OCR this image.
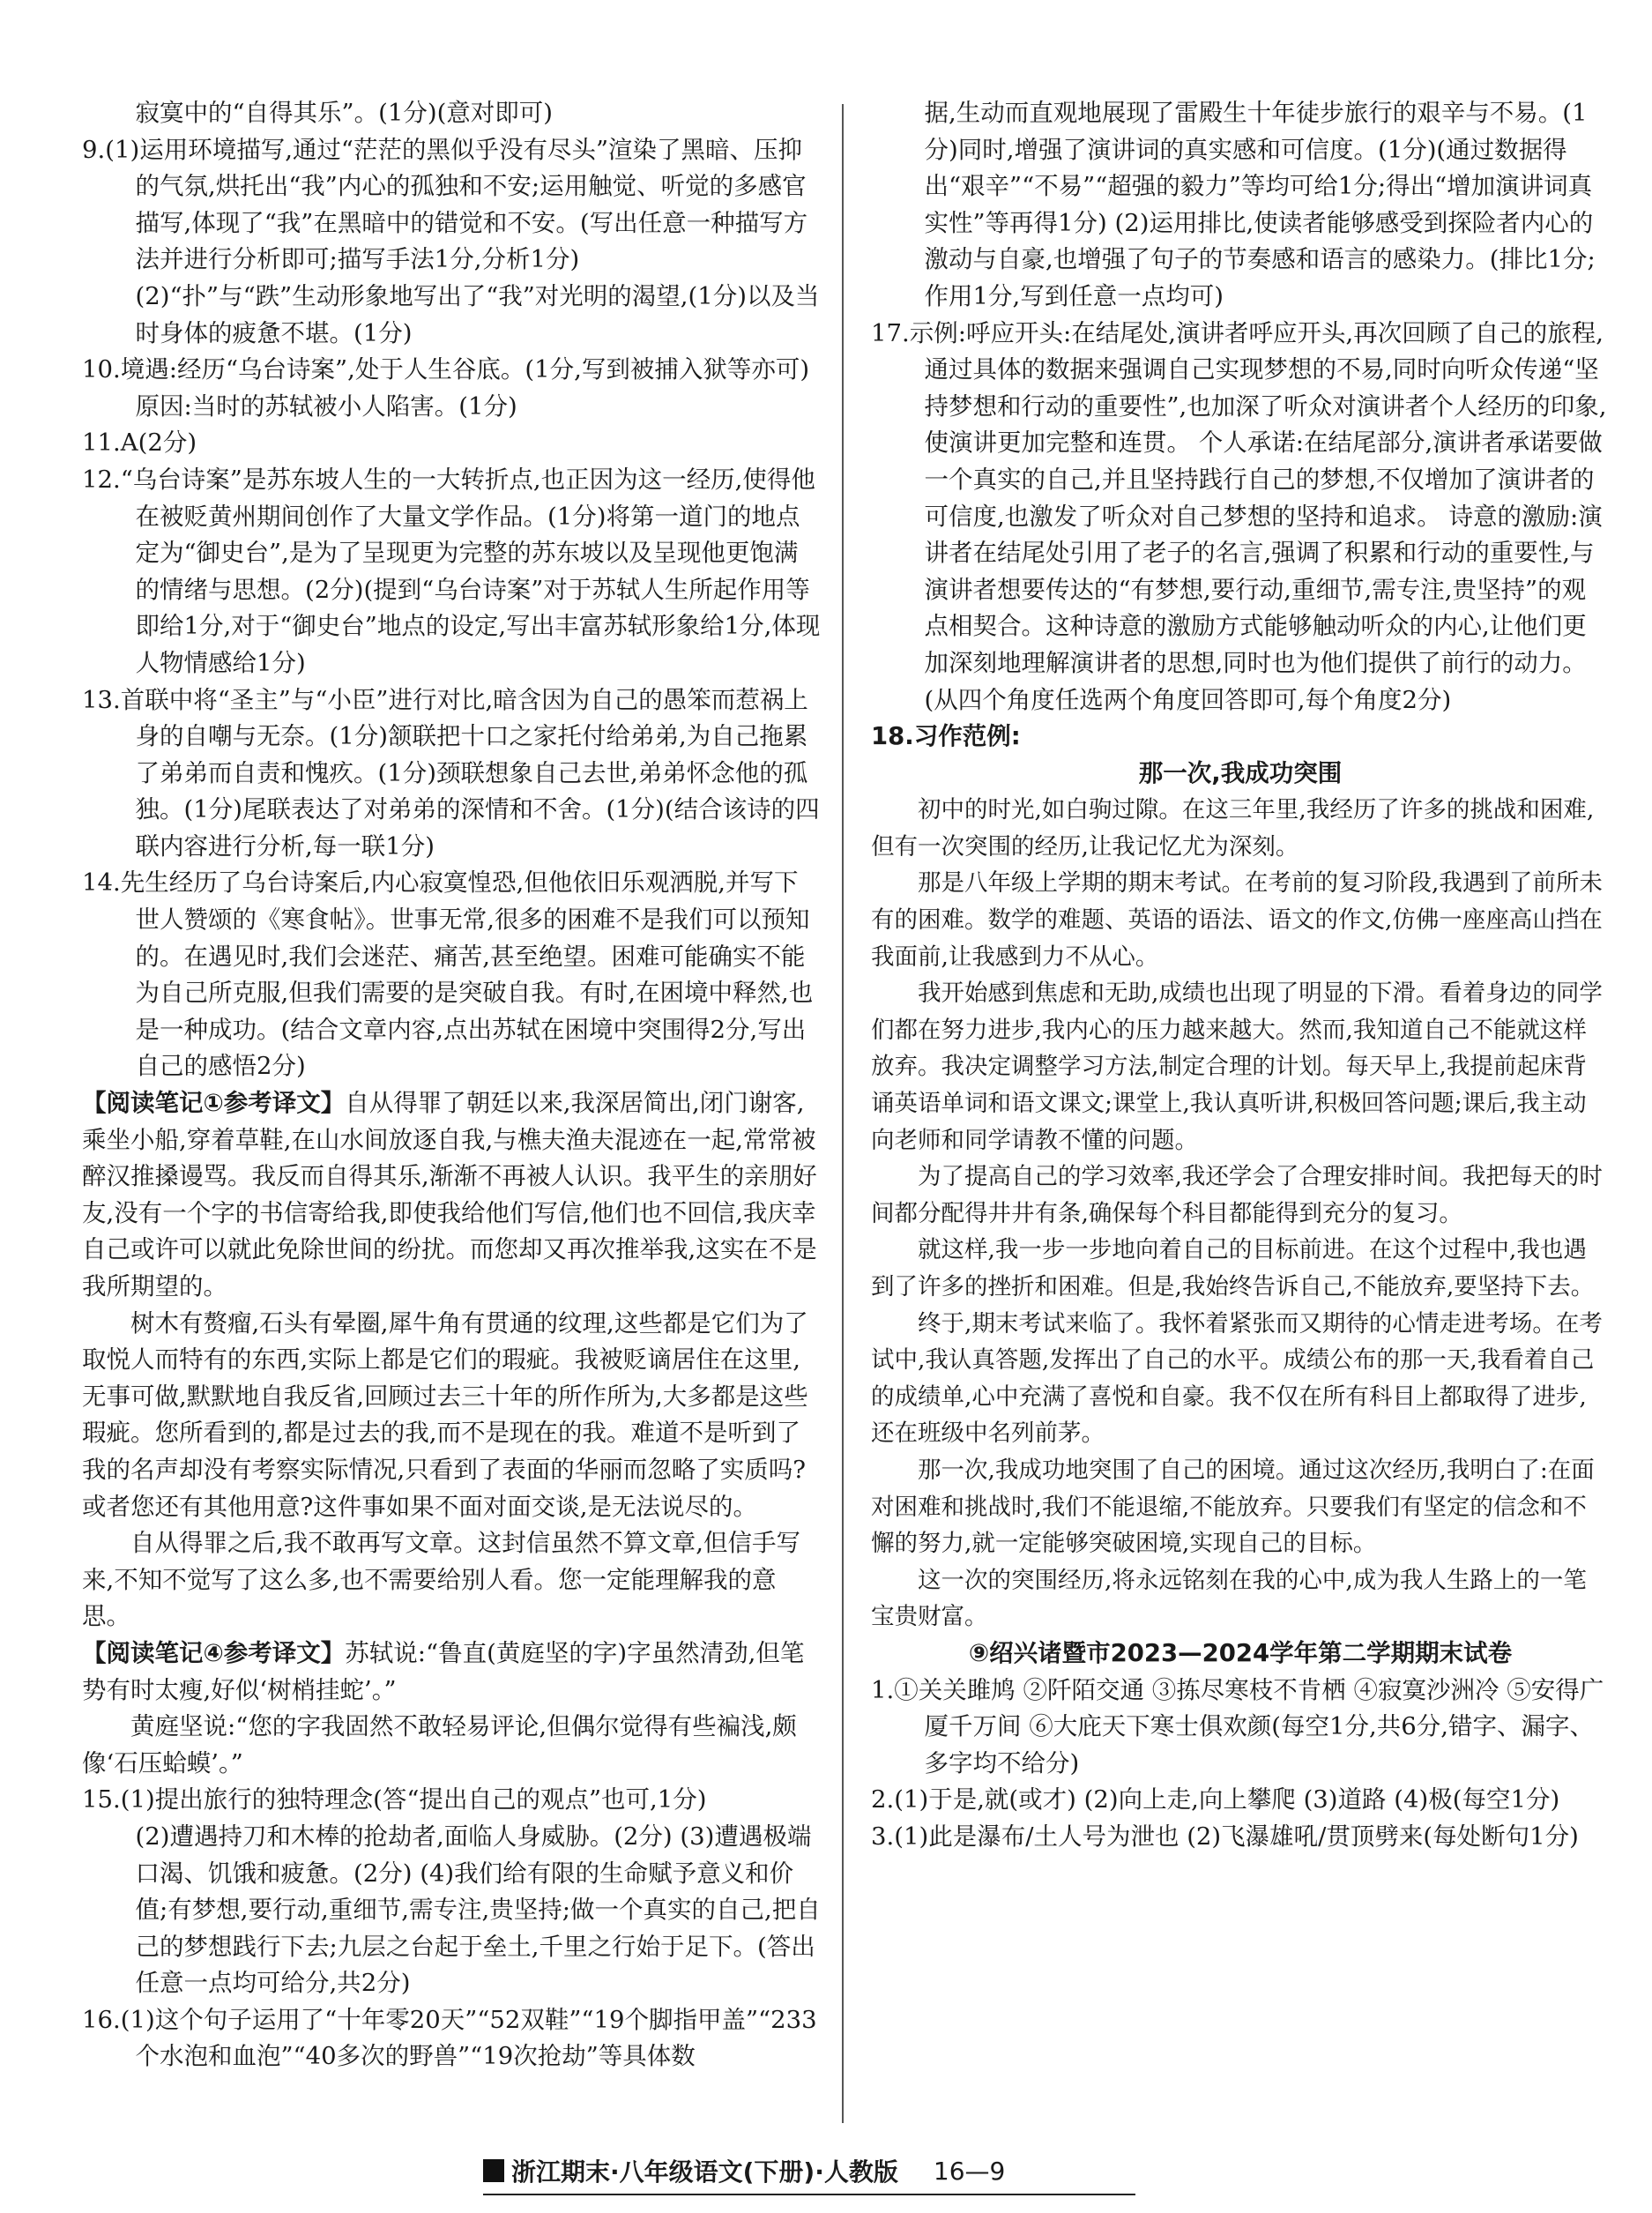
寂寞中的“自得其乐”。(1分)(意对即可)

9.(1)运用环境描写,通过“茫茫的黑似乎没有尽头”渲染了黑暗、压抑的气氛,烘托出“我”内心的孤独和不安;运用触觉、听觉的多感官描写,体现了“我”在黑暗中的错觉和不安。(写出任意一种描写方法并进行分析即可;描写手法1分,分析1分)

(2)“扑”与“跌”生动形象地写出了“我”对光明的渴望,(1分)以及当时身体的疲惫不堪。(1分)

10.境遇:经历“乌台诗案”,处于人生谷底。(1分,写到被捕入狱等亦可) 原因:当时的苏轼被小人陷害。(1分)

11.A(2分)

12.“乌台诗案”是苏东坡人生的一大转折点,也正因为这一经历,使得他在被贬黄州期间创作了大量文学作品。(1分)将第一道门的地点定为“御史台”,是为了呈现更为完整的苏东坡以及呈现他更饱满的情绪与思想。(2分)(提到“乌台诗案”对于苏轼人生所起作用等即给1分,对于“御史台”地点的设定,写出丰富苏轼形象给1分,体现人物情感给1分)

13.首联中将“圣主”与“小臣”进行对比,暗含因为自己的愚笨而惹祸上身的自嘲与无奈。(1分)颔联把十口之家托付给弟弟,为自己拖累了弟弟而自责和愧疚。(1分)颈联想象自己去世,弟弟怀念他的孤独。(1分)尾联表达了对弟弟的深情和不舍。(1分)(结合该诗的四联内容进行分析,每一联1分)

14.先生经历了乌台诗案后,内心寂寞惶恐,但他依旧乐观洒脱,并写下世人赞颂的《寒食帖》。世事无常,很多的困难不是我们可以预知的。在遇见时,我们会迷茫、痛苦,甚至绝望。困难可能确实不能为自己所克服,但我们需要的是突破自我。有时,在困境中释然,也是一种成功。(结合文章内容,点出苏轼在困境中突围得2分,写出自己的感悟2分)

【阅读笔记①参考译文】自从得罪了朝廷以来,我深居简出,闭门谢客,乘坐小船,穿着草鞋,在山水间放逐自我,与樵夫渔夫混迹在一起,常常被醉汉推搡谩骂。我反而自得其乐,渐渐不再被人认识。我平生的亲朋好友,没有一个字的书信寄给我,即使我给他们写信,他们也不回信,我庆幸自己或许可以就此免除世间的纷扰。而您却又再次推举我,这实在不是我所期望的。

树木有赘瘤,石头有晕圈,犀牛角有贯通的纹理,这些都是它们为了取悦人而特有的东西,实际上都是它们的瑕疵。我被贬谪居住在这里,无事可做,默默地自我反省,回顾过去三十年的所作所为,大多都是这些瑕疵。您所看到的,都是过去的我,而不是现在的我。难道不是听到了我的名声却没有考察实际情况,只看到了表面的华丽而忽略了实质吗?或者您还有其他用意?这件事如果不面对面交谈,是无法说尽的。

自从得罪之后,我不敢再写文章。这封信虽然不算文章,但信手写来,不知不觉写了这么多,也不需要给别人看。您一定能理解我的意思。

【阅读笔记④参考译文】苏轼说:“鲁直(黄庭坚的字)字虽然清劲,但笔势有时太瘦,好似‘树梢挂蛇’。”

黄庭坚说:“您的字我固然不敢轻易评论,但偶尔觉得有些褊浅,颇像‘石压蛤蟆’。”

15.(1)提出旅行的独特理念(答“提出自己的观点”也可,1分)

(2)遭遇持刀和木棒的抢劫者,面临人身威胁。(2分) (3)遭遇极端口渴、饥饿和疲惫。(2分) (4)我们给有限的生命赋予意义和价值;有梦想,要行动,重细节,需专注,贵坚持;做一个真实的自己,把自己的梦想践行下去;九层之台起于垒土,千里之行始于足下。(答出任意一点均可给分,共2分)

16.(1)这个句子运用了“十年零20天”“52双鞋”“19个脚指甲盖”“233个水泡和血泡”“40多次的野兽”“19次抢劫”等具体数

据,生动而直观地展现了雷殿生十年徒步旅行的艰辛与不易。(1分)同时,增强了演讲词的真实感和可信度。(1分)(通过数据得出“艰辛”“不易”“超强的毅力”等均可给1分;得出“增加演讲词真实性”等再得1分) (2)运用排比,使读者能够感受到探险者内心的激动与自豪,也增强了句子的节奏感和语言的感染力。(排比1分;作用1分,写到任意一点均可)

17.示例:呼应开头:在结尾处,演讲者呼应开头,再次回顾了自己的旅程,通过具体的数据来强调自己实现梦想的不易,同时向听众传递“坚持梦想和行动的重要性”,也加深了听众对演讲者个人经历的印象,使演讲更加完整和连贯。 个人承诺:在结尾部分,演讲者承诺要做一个真实的自己,并且坚持践行自己的梦想,不仅增加了演讲者的可信度,也激发了听众对自己梦想的坚持和追求。 诗意的激励:演讲者在结尾处引用了老子的名言,强调了积累和行动的重要性,与演讲者想要传达的“有梦想,要行动,重细节,需专注,贵坚持”的观点相契合。这种诗意的激励方式能够触动听众的内心,让他们更加深刻地理解演讲者的思想,同时也为他们提供了前行的动力。(从四个角度任选两个角度回答即可,每个角度2分)

18.习作范例:

那一次,我成功突围

初中的时光,如白驹过隙。在这三年里,我经历了许多的挑战和困难,但有一次突围的经历,让我记忆尤为深刻。

那是八年级上学期的期末考试。在考前的复习阶段,我遇到了前所未有的困难。数学的难题、英语的语法、语文的作文,仿佛一座座高山挡在我面前,让我感到力不从心。

我开始感到焦虑和无助,成绩也出现了明显的下滑。看着身边的同学们都在努力进步,我内心的压力越来越大。然而,我知道自己不能就这样放弃。我决定调整学习方法,制定合理的计划。每天早上,我提前起床背诵英语单词和语文课文;课堂上,我认真听讲,积极回答问题;课后,我主动向老师和同学请教不懂的问题。

为了提高自己的学习效率,我还学会了合理安排时间。我把每天的时间都分配得井井有条,确保每个科目都能得到充分的复习。

就这样,我一步一步地向着自己的目标前进。在这个过程中,我也遇到了许多的挫折和困难。但是,我始终告诉自己,不能放弃,要坚持下去。

终于,期末考试来临了。我怀着紧张而又期待的心情走进考场。在考试中,我认真答题,发挥出了自己的水平。成绩公布的那一天,我看着自己的成绩单,心中充满了喜悦和自豪。我不仅在所有科目上都取得了进步,还在班级中名列前茅。

那一次,我成功地突围了自己的困境。通过这次经历,我明白了:在面对困难和挑战时,我们不能退缩,不能放弃。只要我们有坚定的信念和不懈的努力,就一定能够突破困境,实现自己的目标。

这一次的突围经历,将永远铭刻在我的心中,成为我人生路上的一笔宝贵财富。

⑨绍兴诸暨市2023—2024学年第二学期期末试卷

1.①关关雎鸠 ②阡陌交通 ③拣尽寒枝不肯栖 ④寂寞沙洲冷 ⑤安得广厦千万间 ⑥大庇天下寒士俱欢颜(每空1分,共6分,错字、漏字、多字均不给分)

2.(1)于是,就(或才) (2)向上走,向上攀爬 (3)道路 (4)极(每空1分)

3.(1)此是瀑布/土人号为泄也 (2)飞瀑雄吼/贯顶劈来(每处断句1分)

浙江期末·八年级语文(下册)·人教版 16—9
